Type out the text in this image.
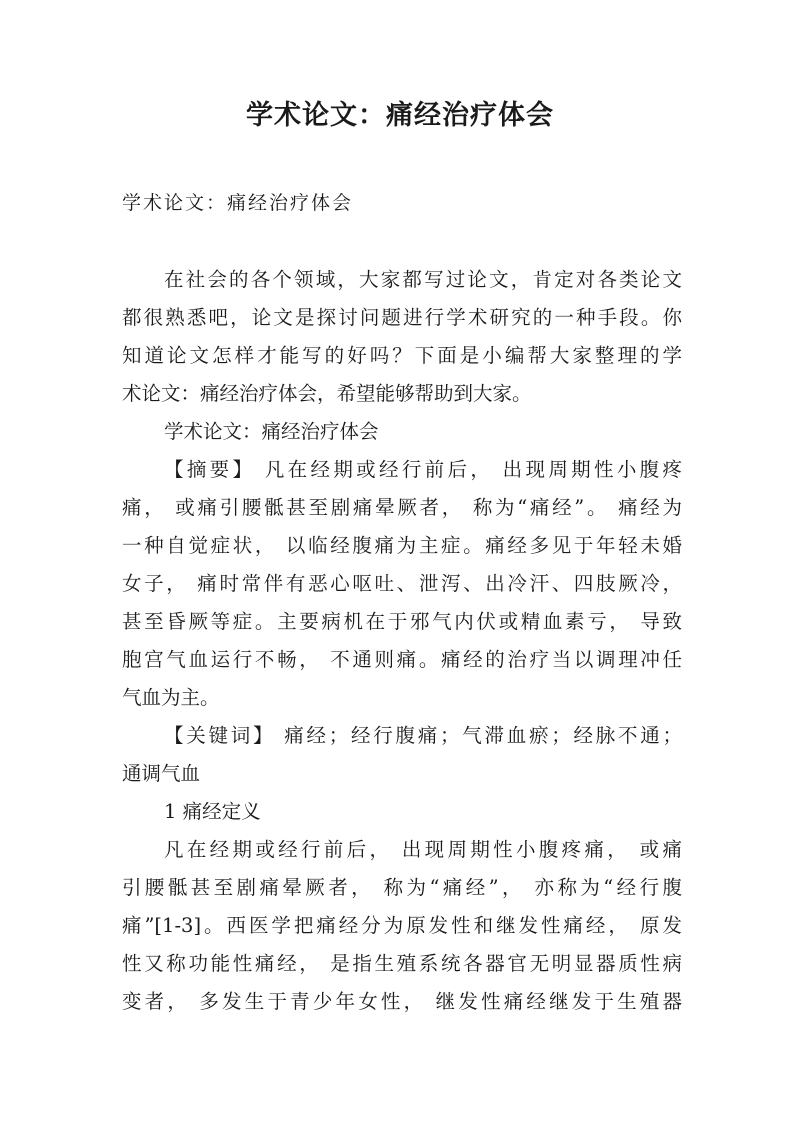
学术论文：痛经治疗体会
学术论文：痛经治疗体会
在社会的各个领域，大家都写过论文，肯定对各类论文
都很熟悉吧，论文是探讨问题进行学术研究的一种手段。你
知道论文怎样才能写的好吗？下面是小编帮大家整理的学
术论文：痛经治疗体会，希望能够帮助到大家。
学术论文：痛经治疗体会
【摘要】 凡在经期或经行前后， 出现周期性小腹疼
痛， 或痛引腰骶甚至剧痛晕厥者， 称为“痛经”。 痛经为
一种自觉症状， 以临经腹痛为主症。痛经多见于年轻未婚
女子， 痛时常伴有恶心呕吐、泄泻、出冷汗、四肢厥冷，
甚至昏厥等症。主要病机在于邪气内伏或精血素亏， 导致
胞宫气血运行不畅， 不通则痛。痛经的治疗当以调理冲任
气血为主。
【关键词】 痛经；经行腹痛；气滞血瘀；经脉不通；
通调气血
1 痛经定义
凡在经期或经行前后， 出现周期性小腹疼痛， 或痛
引腰骶甚至剧痛晕厥者， 称为“痛经”， 亦称为“经行腹
痛”[1-3]。西医学把痛经分为原发性和继发性痛经， 原发
性又称功能性痛经， 是指生殖系统各器官无明显器质性病
变者， 多发生于青少年女性， 继发性痛经继发于生殖器
